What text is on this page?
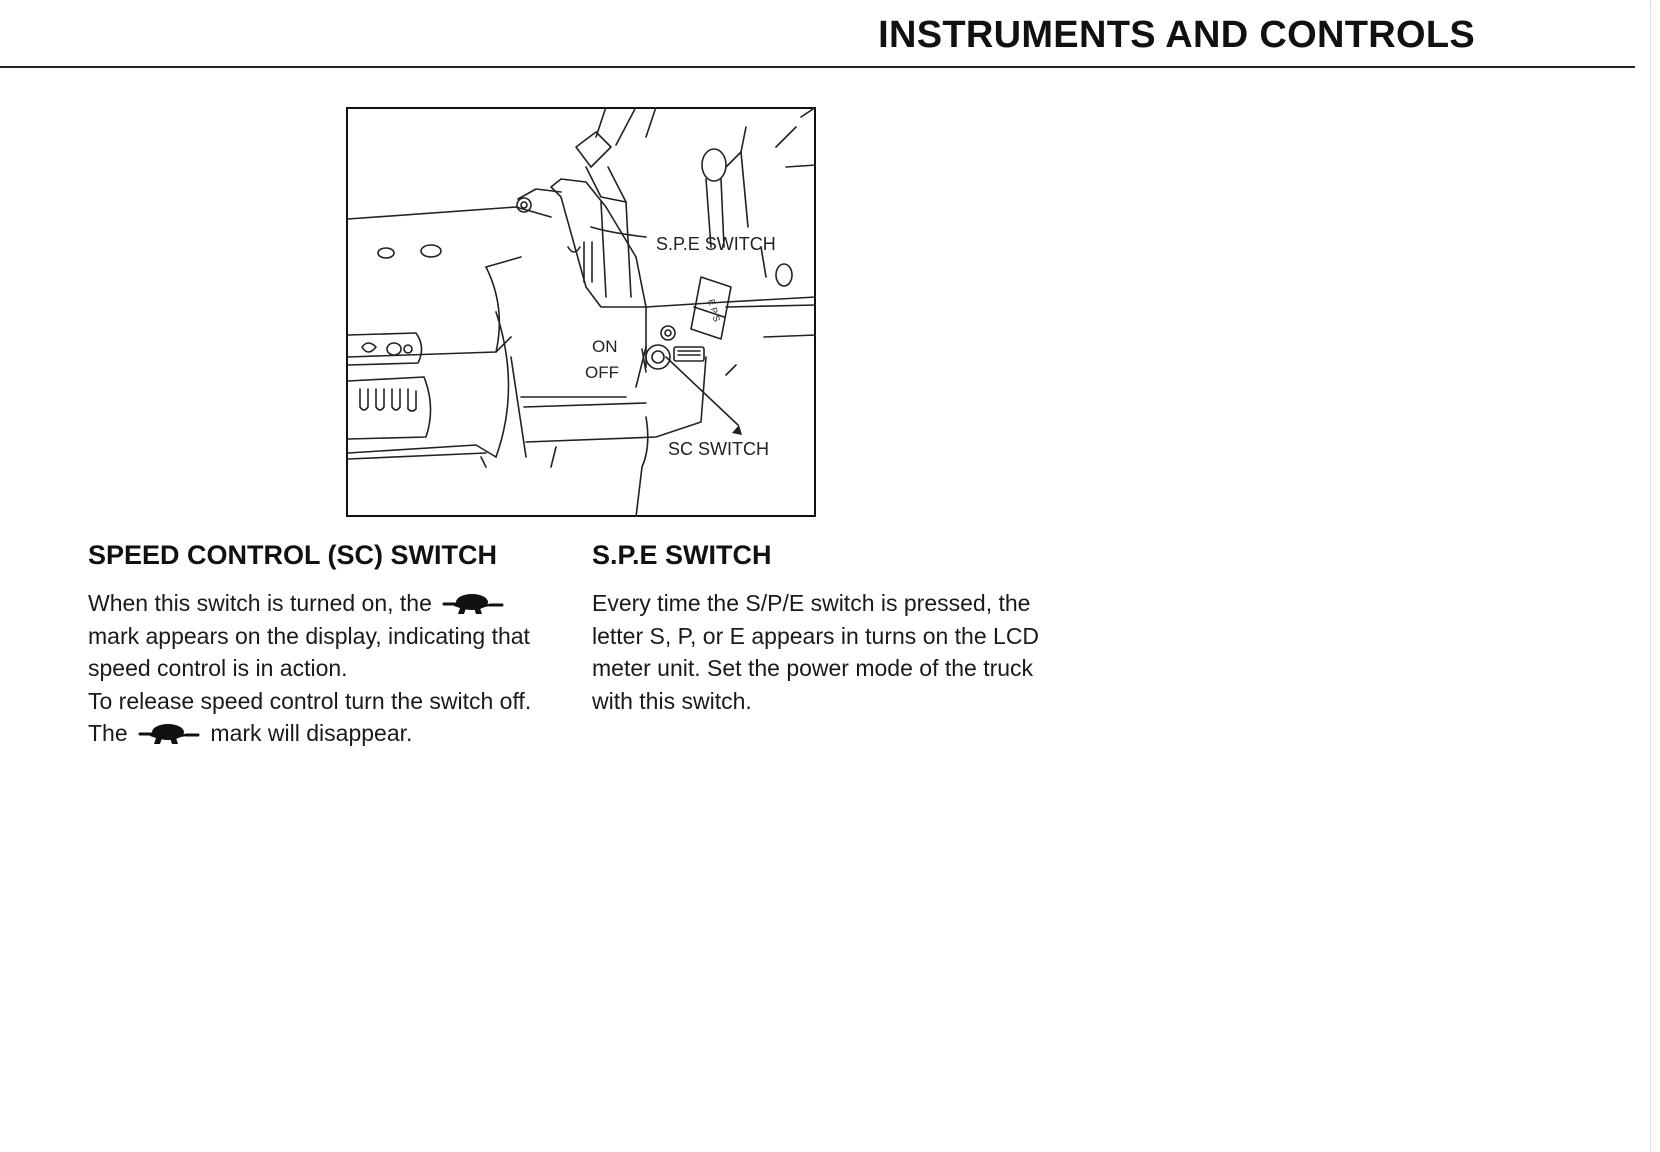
INSTRUMENTS AND CONTROLS
S.P.E SWITCH
ON
OFF
SC SWITCH
E P S
SPEED CONTROL (SC) SWITCH

When this switch is turned on, the

mark appears on the display, indicating that

speed control is in action.

To release speed control turn the switch off.

The	mark will disappear.

S.P.E SWITCH

Every time the S/P/E switch is pressed, the

letter S, P, or E appears in turns on the LCD

meter unit. Set the power mode of the truck

with this switch.
